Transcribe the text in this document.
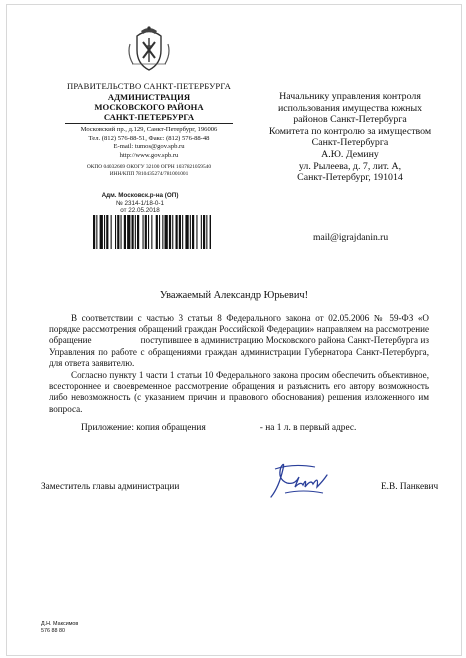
ПРАВИТЕЛЬСТВО САНКТ-ПЕТЕРБУРГА
АДМИНИСТРАЦИЯ
МОСКОВСКОГО РАЙОНА
САНКТ-ПЕТЕРБУРГА
Московский пр., д.129, Санкт-Петербург, 196006
Тел. (812) 576-88-51, Факс: (812) 576-88-48
E-mail: tumos@gov.spb.ru
http://www.gov.spb.ru
ОКПО 04032669 ОКОГУ 32100 ОГРН 1037821059540
ИНН/КПП 7810435274/781001001
Адм. Московск.р-на (ОП)
№ 2314-1/18-0-1
от 22.05.2018
Начальнику управления контроля
использования имущества южных
районов Санкт-Петербурга
Комитета по контролю за имуществом
Санкт-Петербурга
А.Ю. Демину
ул. Рылеева, д. 7, лит. А,
Санкт-Петербург, 191014
mail@igrajdanin.ru
Уважаемый Александр Юрьевич!
В соответствии с частью 3 статьи 8 Федерального закона от 02.05.2006 № 59-ФЗ «О порядке рассмотрения обращений граждан Российской Федерации» направляем на рассмотрение обращение                    поступившее в администрацию Московского района Санкт-Петербурга из Управления по работе с обращениями граждан администрации Губернатора Санкт-Петербурга, для ответа заявителю.
Согласно пункту 1 части 1 статьи 10 Федерального закона просим обеспечить объективное, всестороннее и своевременное рассмотрение обращения и разъяснить его автору возможность либо невозможность (с указанием причин и правового обоснования) решения изложенного им вопроса.
Приложение: копия обращения	- на 1 л. в первый адрес.
Заместитель главы администрации	Е.В. Панкевич
Д.Н. Максимов
576 88 80
